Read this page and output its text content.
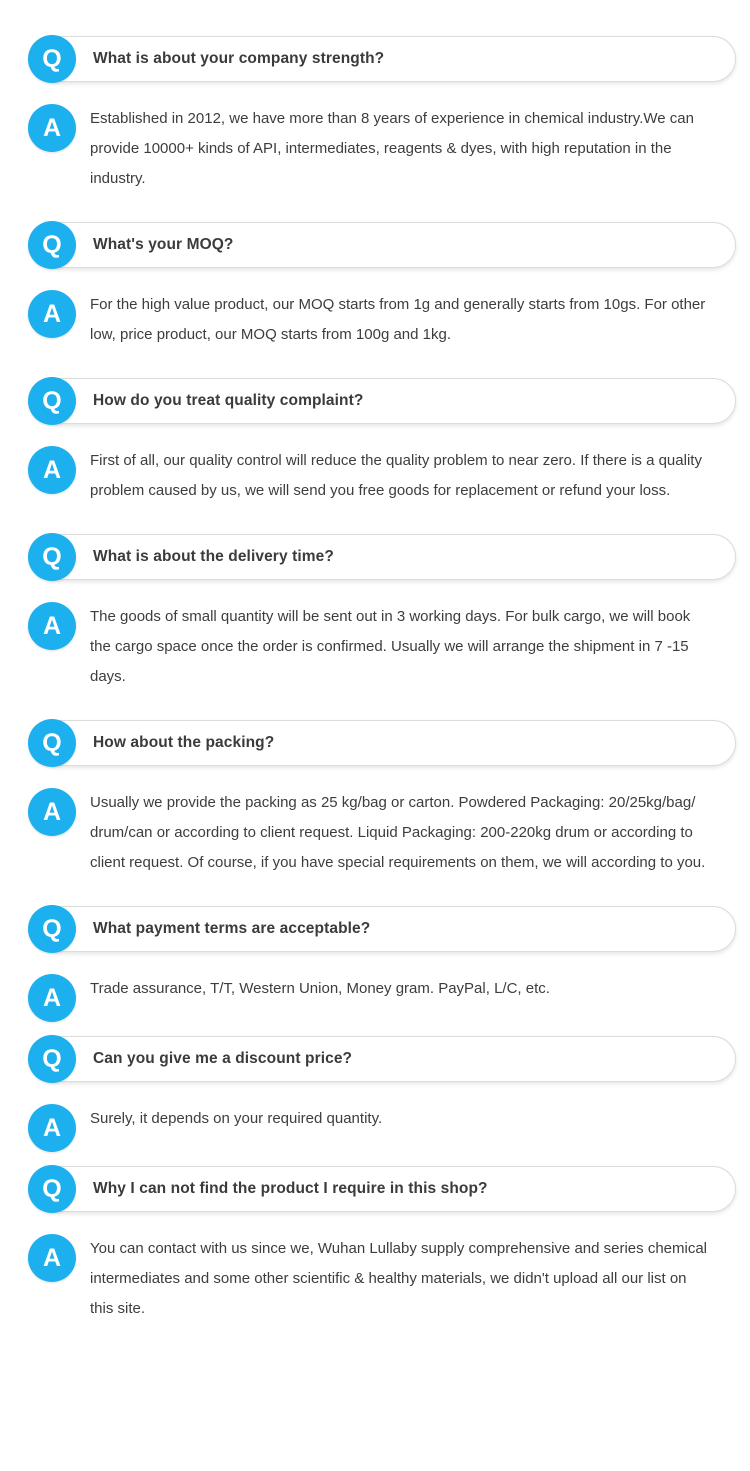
Q	What is about your company strength?
A	Established in 2012, we have more than 8 years of experience in chemical industry.We can provide 10000+ kinds of API, intermediates, reagents & dyes, with high reputation in the industry.
Q	What's your MOQ?
A	For the high value product, our MOQ starts from 1g and generally starts from 10gs. For other low, price product, our MOQ starts from 100g and 1kg.
Q	How do you treat quality complaint?
A	First of all, our quality control will reduce the quality problem to near zero. If there is a quality problem caused by us, we will send you free goods for replacement or refund your loss.
Q	What is about the delivery time?
A	The goods of small quantity will be sent out in 3 working days. For bulk cargo, we will book the cargo space once the order is confirmed. Usually we will arrange the shipment in 7 -15 days.
Q	How about the packing?
A	Usually we provide the packing as 25 kg/bag or carton. Powdered Packaging: 20/25kg/bag/ drum/can or according to client request. Liquid Packaging: 200-220kg drum or according to client request. Of course, if you have special requirements on them, we will according to you.
Q	What payment terms are acceptable?
A	Trade assurance, T/T, Western Union, Money gram. PayPal, L/C, etc.
Q	Can you give me a discount price?
A	Surely, it depends on your required quantity.
Q	Why I can not find the product I require in this shop?
A	You can contact with us since we, Wuhan Lullaby supply comprehensive and series chemical intermediates and some other scientific & healthy materials, we didn't upload all our list on this site.
